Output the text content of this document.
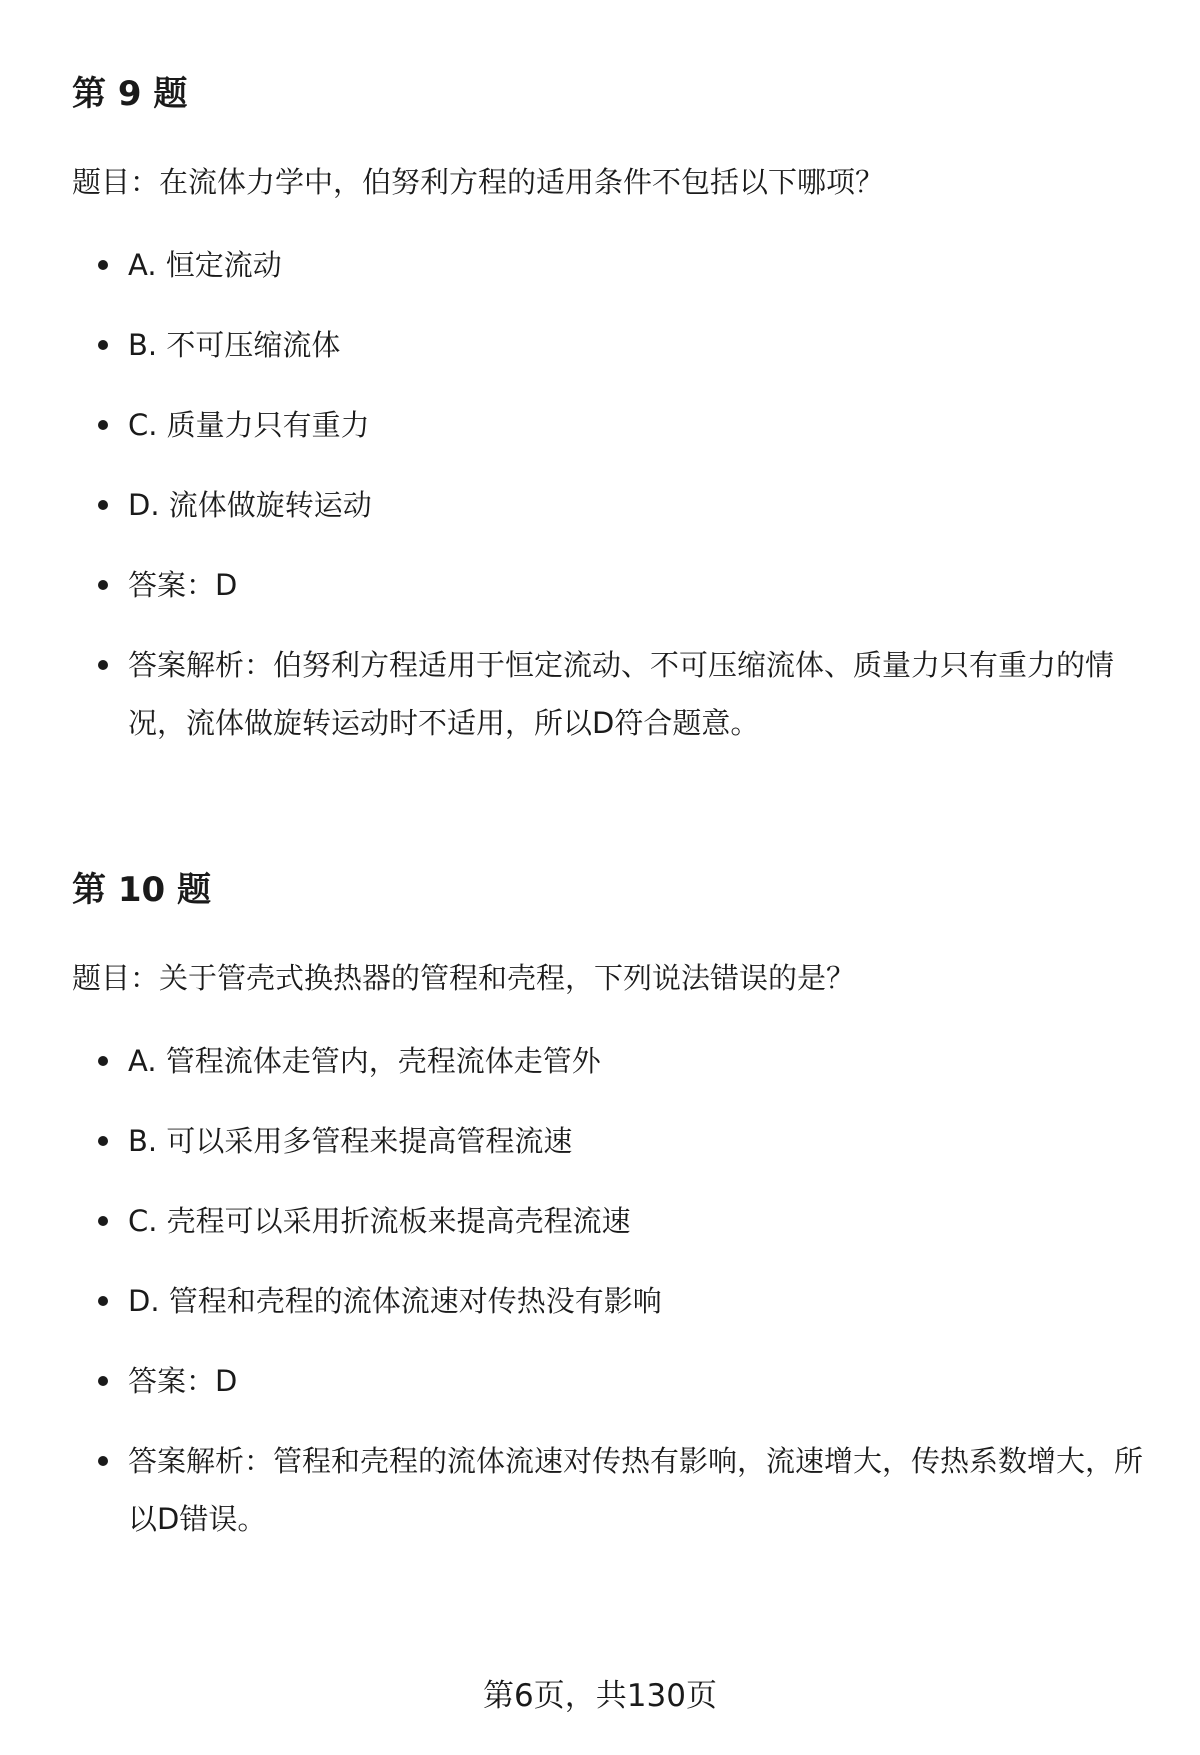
第 9 题

题目：在流体力学中，伯努利方程的适用条件不包括以下哪项？

A. 恒定流动
B. 不可压缩流体
C. 质量力只有重力
D. 流体做旋转运动
答案：D
答案解析：伯努利方程适用于恒定流动、不可压缩流体、质量力只有重力的情况，流体做旋转运动时不适用，所以D符合题意。
第 10 题

题目：关于管壳式换热器的管程和壳程，下列说法错误的是？

A. 管程流体走管内，壳程流体走管外
B. 可以采用多管程来提高管程流速
C. 壳程可以采用折流板来提高壳程流速
D. 管程和壳程的流体流速对传热没有影响
答案：D
答案解析：管程和壳程的流体流速对传热有影响，流速增大，传热系数增大，所以D错误。
第6页，共130页
